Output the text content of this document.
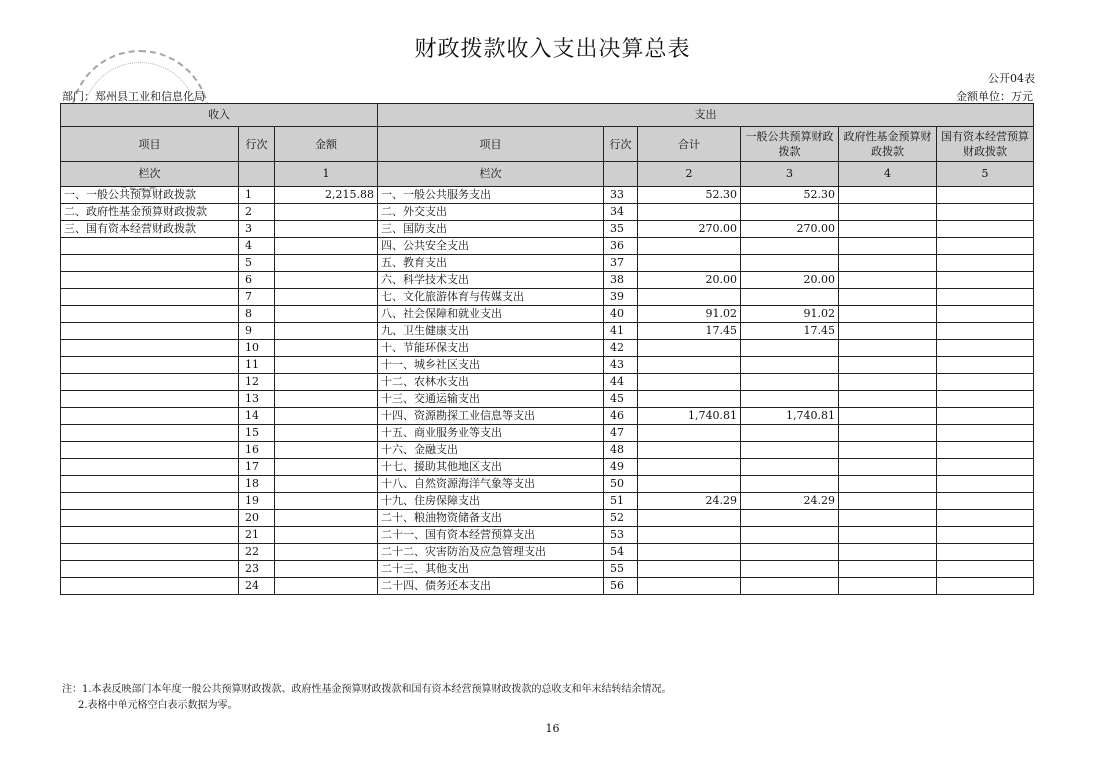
财政拨款收入支出决算总表
公开04表
金额单位：万元
部门：郑州县工业和信息化局
收入			支出					
项目	行次	金额	项目	行次	合计	一般公共预算财政拨款	政府性基金预算财政拨款	国有资本经营预算财政拨款
栏次		1	栏次		2	3	4	5
一、一般公共预算财政拨款	1	2,215.88	一、一般公共服务支出	33	52.30	52.30		
二、政府性基金预算财政拨款	2		二、外交支出	34				
三、国有资本经营财政拨款	3		三、国防支出	35	270.00	270.00		
	4		四、公共安全支出	36				
	5		五、教育支出	37				
	6		六、科学技术支出	38	20.00	20.00		
	7		七、文化旅游体育与传媒支出	39				
	8		八、社会保障和就业支出	40	91.02	91.02		
	9		九、卫生健康支出	41	17.45	17.45		
	10		十、节能环保支出	42				
	11		十一、城乡社区支出	43				
	12		十二、农林水支出	44				
	13		十三、交通运输支出	45				
	14		十四、资源勘探工业信息等支出	46	1,740.81	1,740.81		
	15		十五、商业服务业等支出	47				
	16		十六、金融支出	48				
	17		十七、援助其他地区支出	49				
	18		十八、自然资源海洋气象等支出	50				
	19		十九、住房保障支出	51	24.29	24.29		
	20		二十、粮油物资储备支出	52				
	21		二十一、国有资本经营预算支出	53				
	22		二十二、灾害防治及应急管理支出	54				
	23		二十三、其他支出	55				
	24		二十四、债务还本支出	56				
注：1.本表反映部门本年度一般公共预算财政拨款、政府性基金预算财政拨款和国有资本经营预算财政拨款的总收支和年末结转结余情况。
2.表格中单元格空白表示数据为零。
16
